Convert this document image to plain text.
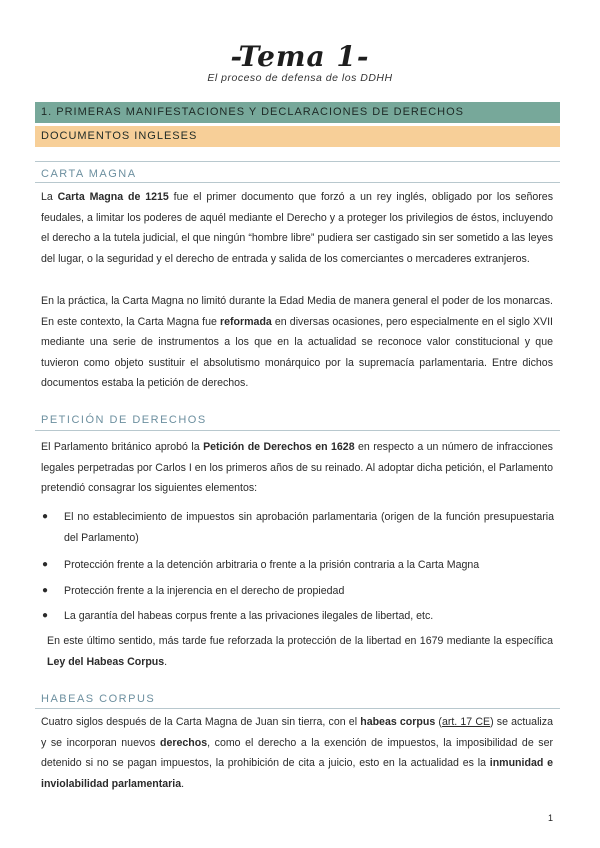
-Tema 1-
El proceso de defensa de los DDHH
1. PRIMERAS MANIFESTACIONES Y DECLARACIONES DE DERECHOS
DOCUMENTOS INGLESES
CARTA MAGNA
La Carta Magna de 1215 fue el primer documento que forzó a un rey inglés, obligado por los señores feudales, a limitar los poderes de aquél mediante el Derecho y a proteger los privilegios de éstos, incluyendo el derecho a la tutela judicial, el que ningún “hombre libre” pudiera ser castigado sin ser sometido a las leyes del lugar, o la seguridad y el derecho de entrada y salida de los comerciantes o mercaderes extranjeros.
En la práctica, la Carta Magna no limitó durante la Edad Media de manera general el poder de los monarcas. En este contexto, la Carta Magna fue reformada en diversas ocasiones, pero especialmente en el siglo XVII mediante una serie de instrumentos a los que en la actualidad se reconoce valor constitucional y que tuvieron como objeto sustituir el absolutismo monárquico por la supremacía parlamentaria. Entre dichos documentos estaba la petición de derechos.
PETICIÓN DE DERECHOS
El Parlamento británico aprobó la Petición de Derechos en 1628 en respecto a un número de infracciones legales perpetradas por Carlos I en los primeros años de su reinado. Al adoptar dicha petición, el Parlamento pretendió consagrar los siguientes elementos:
● El no establecimiento de impuestos sin aprobación parlamentaria (origen de la función presupuestaria del Parlamento)
● Protección frente a la detención arbitraria o frente a la prisión contraria a la Carta Magna
● Protección frente a la injerencia en el derecho de propiedad
● La garantía del habeas corpus frente a las privaciones ilegales de libertad, etc.
En este último sentido, más tarde fue reforzada la protección de la libertad en 1679 mediante la específica Ley del Habeas Corpus.
HABEAS CORPUS
Cuatro siglos después de la Carta Magna de Juan sin tierra, con el habeas corpus (art. 17 CE) se actualiza y se incorporan nuevos derechos, como el derecho a la exención de impuestos, la imposibilidad de ser detenido si no se pagan impuestos, la prohibición de cita a juicio, esto en la actualidad es la inmunidad e inviolabilidad parlamentaria.
1
